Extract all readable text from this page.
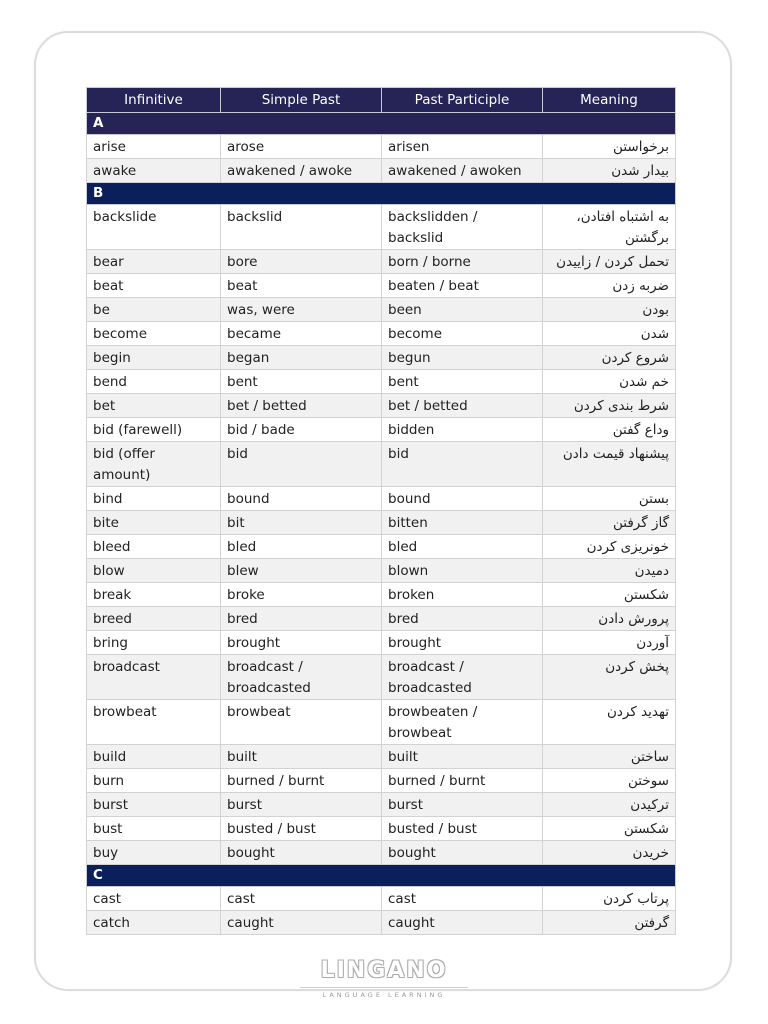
Infinitive	Simple Past	Past Participle	Meaning
A			
arise	arose	arisen	برخواستن
awake	awakened / awoke	awakened / awoken	بیدار شدن
B			
backslide	backslid	backslidden / backslid	به اشتباه افتادن، برگشتن
bear	bore	born / borne	تحمل کردن / زاییدن
beat	beat	beaten / beat	ضربه زدن
be	was, were	been	بودن
become	became	become	شدن
begin	began	begun	شروع کردن
bend	bent	bent	خم شدن
bet	bet / betted	bet / betted	شرط بندی کردن
bid (farewell)	bid / bade	bidden	وداع گفتن
bid (offer amount)	bid	bid	پیشنهاد قیمت دادن
bind	bound	bound	بستن
bite	bit	bitten	گاز گرفتن
bleed	bled	bled	خونریزی کردن
blow	blew	blown	دمیدن
break	broke	broken	شکستن
breed	bred	bred	پرورش دادن
bring	brought	brought	آوردن
broadcast	broadcast / broadcasted	broadcast / broadcasted	پخش کردن
browbeat	browbeat	browbeaten / browbeat	تهدید کردن
build	built	built	ساختن
burn	burned / burnt	burned / burnt	سوختن
burst	burst	burst	ترکیدن
bust	busted / bust	busted / bust	شکستن
buy	bought	bought	خریدن
C			
cast	cast	cast	پرتاب کردن
catch	caught	caught	گرفتن
LINGANO
LANGUAGE LEARNING
